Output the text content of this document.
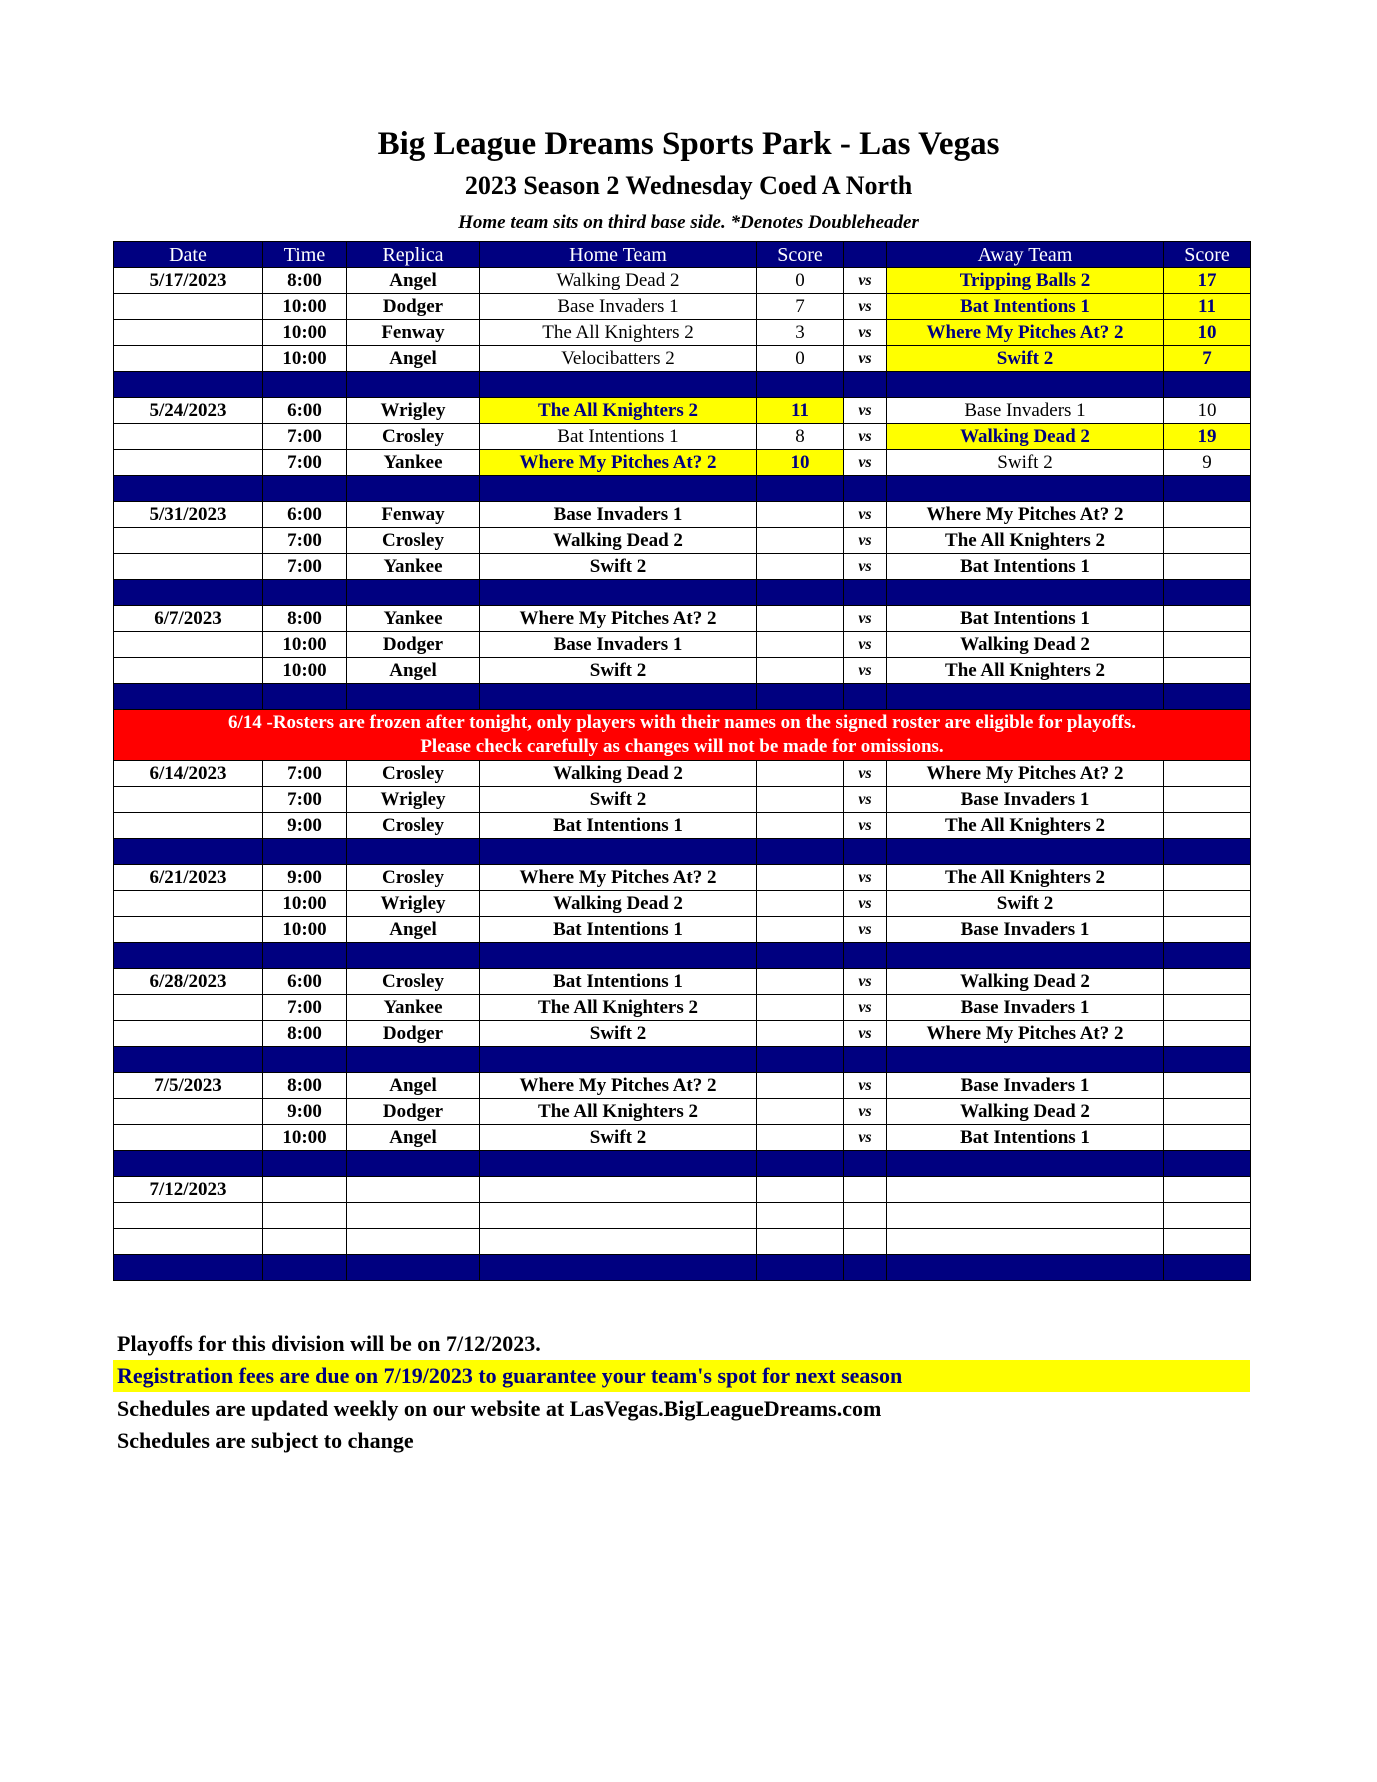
Big League Dreams Sports Park - Las Vegas
2023 Season 2 Wednesday Coed A North
Home team sits on third base side. *Denotes Doubleheader
Date	Time	Replica	Home Team	Score		Away Team	Score
5/17/2023	8:00	Angel	Walking Dead 2	0	vs	Tripping Balls 2	17
	10:00	Dodger	Base Invaders 1	7	vs	Bat Intentions 1	11
	10:00	Fenway	The All Knighters 2	3	vs	Where My Pitches At? 2	10
	10:00	Angel	Velocibatters 2	0	vs	Swift 2	7

5/24/2023	6:00	Wrigley	The All Knighters 2	11	vs	Base Invaders 1	10
	7:00	Crosley	Bat Intentions 1	8	vs	Walking Dead 2	19
	7:00	Yankee	Where My Pitches At? 2	10	vs	Swift 2	9

5/31/2023	6:00	Fenway	Base Invaders 1		vs	Where My Pitches At? 2	
	7:00	Crosley	Walking Dead 2		vs	The All Knighters 2	
	7:00	Yankee	Swift 2		vs	Bat Intentions 1	

6/7/2023	8:00	Yankee	Where My Pitches At? 2		vs	Bat Intentions 1	
	10:00	Dodger	Base Invaders 1		vs	Walking Dead 2	
	10:00	Angel	Swift 2		vs	The All Knighters 2	

6/14 -Rosters are frozen after tonight, only players with their names on the signed roster are eligible for playoffs.
Please check carefully as changes will not be made for omissions.							

6/14/2023	7:00	Crosley	Walking Dead 2		vs	Where My Pitches At? 2	
	7:00	Wrigley	Swift 2		vs	Base Invaders 1	
	9:00	Crosley	Bat Intentions 1		vs	The All Knighters 2	

6/21/2023	9:00	Crosley	Where My Pitches At? 2		vs	The All Knighters 2	
	10:00	Wrigley	Walking Dead 2		vs	Swift 2	
	10:00	Angel	Bat Intentions 1		vs	Base Invaders 1	

6/28/2023	6:00	Crosley	Bat Intentions 1		vs	Walking Dead 2	
	7:00	Yankee	The All Knighters 2		vs	Base Invaders 1	
	8:00	Dodger	Swift 2		vs	Where My Pitches At? 2	

7/5/2023	8:00	Angel	Where My Pitches At? 2		vs	Base Invaders 1	
	9:00	Dodger	The All Knighters 2		vs	Walking Dead 2	
	10:00	Angel	Swift 2		vs	Bat Intentions 1	

7/12/2023							

Playoffs for this division will be on 7/12/2023.
Registration fees are due on 7/19/2023 to guarantee your team's spot for next season
Schedules are updated weekly on our website at LasVegas.BigLeagueDreams.com
Schedules are subject to change
